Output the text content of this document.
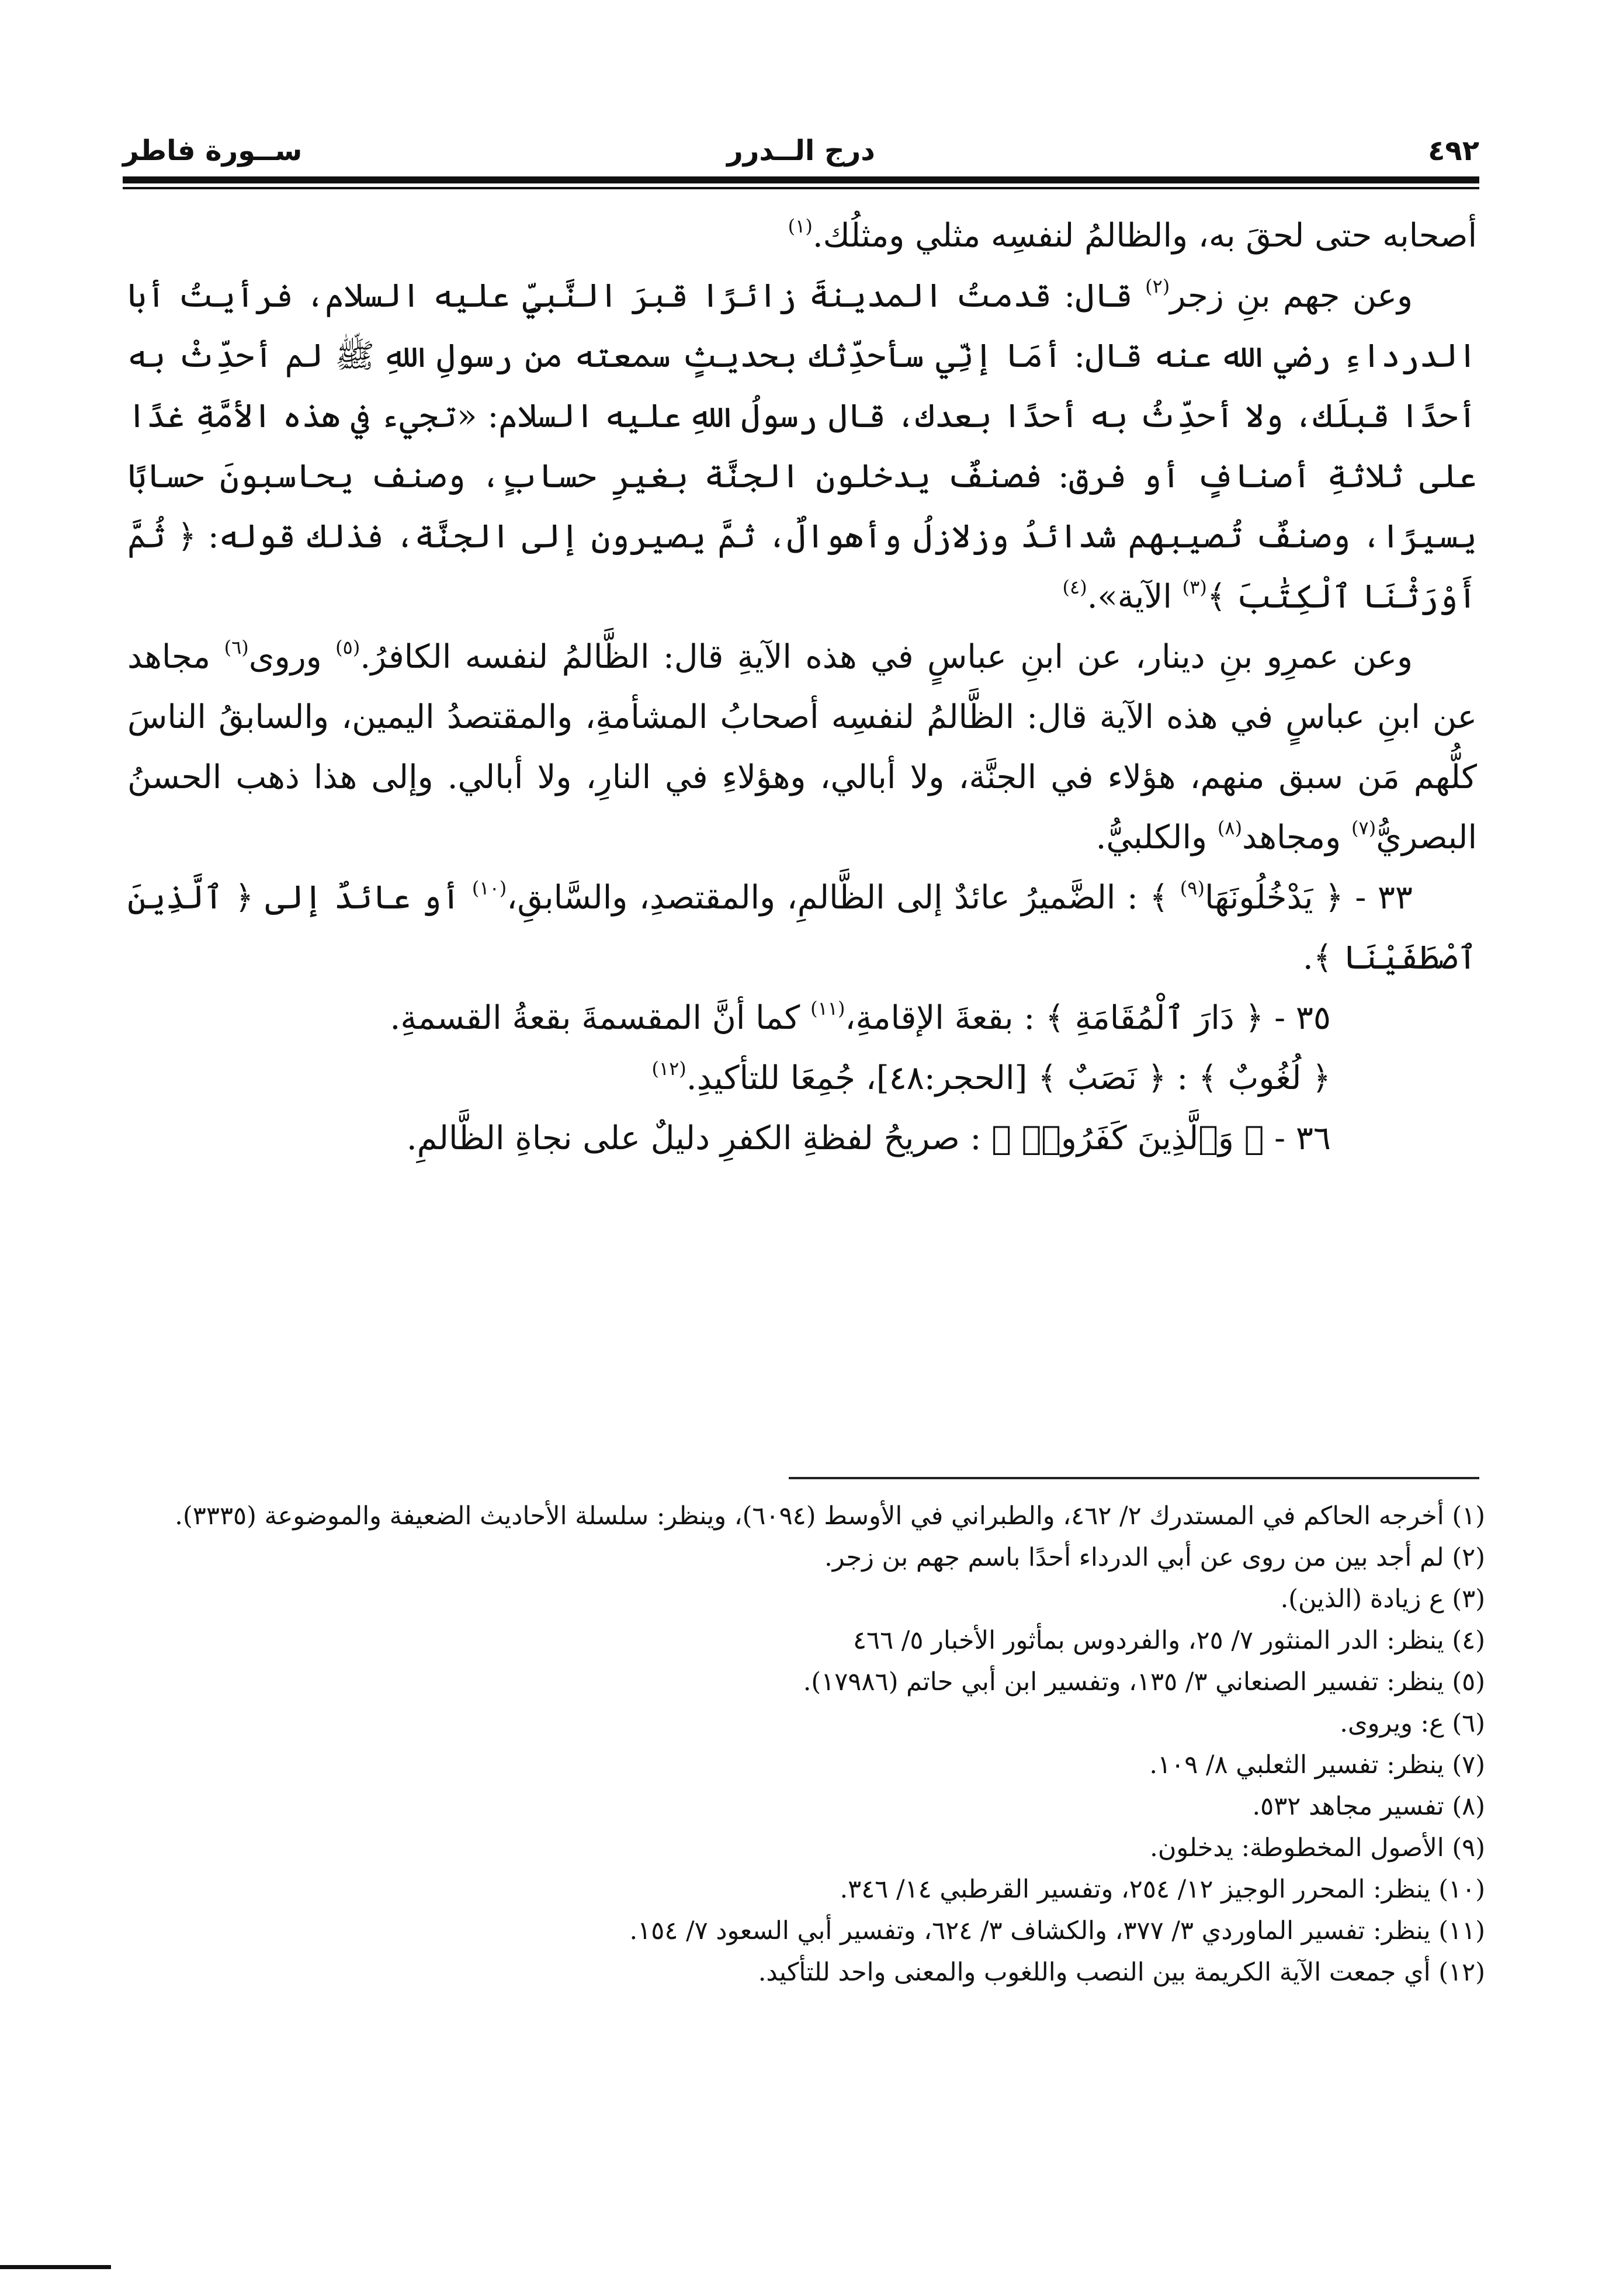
٤٩٢
درج الــدرر
ســورة فاطر

أصحابه حتى لحقَ به، والظالمُ لنفسِه مثلي ومثلُك.$^{(١)}$

وعن جهم بنِ زجر$^{(٢)}$ قال: قدمتُ المدينةَ زائرًا قبرَ النَّبيِّ عليه السلام، فرأيتُ أبا الدرداءِ رضي الله عنه قال: أمَا إنِّي سأحدِّثك بحديثٍ سمعته من رسولِ اللهِ ﷺ لم أحدِّثْ به أحدًا قبلَك، ولا أحدِّثُ به أحدًا بعدك، قال رسولُ اللهِ عليه السلام: «تجيء في هذه الأمَّةِ غدًا على ثلاثةِ أصنافٍ أو فرق: فصنفٌ يدخلون الجنَّة بغيرِ حسابٍ، وصنف يحاسبونَ حسابًا يسيرًا، وصنفٌ تُصيبهم شدائدُ وزلازلُ وأهوالٌ، ثمَّ يصيرون إلى الجنَّة، فذلك قوله: ﴿ ثُمَّ أَوْرَثْنَا ٱلْكِتَٰبَ ﴾$^{(٣)}$ الآية».$^{(٤)}$

وعن عمرِو بنِ دينار، عن ابنِ عباسٍ في هذه الآيةِ قال: الظَّالمُ لنفسه الكافرُ.$^{(٥)}$ وروى$^{(٦)}$ مجاهد عن ابنِ عباسٍ في هذه الآية قال: الظَّالمُ لنفسِه أصحابُ المشأمةِ، والمقتصدُ اليمين، والسابقُ الناسَ كلُّهم مَن سبق منهم، هؤلاء في الجنَّة، ولا أبالي، وهؤلاءِ في النارِ، ولا أبالي. وإلى هذا ذهب الحسنُ البصريُّ$^{(٧)}$ ومجاهد$^{(٨)}$ والكلبيُّ.

٣٣ - ﴿ يَدْخُلُونَهَا$^{(٩)}$ ﴾ : الضَّميرُ عائدٌ إلى الظَّالمِ، والمقتصدِ، والسَّابقِ،$^{(١٠)}$ أو عائدٌ إلى ﴿ ٱلَّذِينَ ٱصْطَفَيْنَا ﴾.

٣٥ - ﴿ دَارَ ٱلْمُقَامَةِ ﴾ : بقعةَ الإقامةِ،$^{(١١)}$ كما أنَّ المقسمةَ بقعةُ القسمةِ.

﴿ لُغُوبٌ ﴾ : ﴿ نَصَبٌ ﴾ [الحجر:٤٨]، جُمِعَا للتأكيدِ.$^{(١٢)}$

٣٦ - ﴿ وَٱلَّذِينَ كَفَرُوا۟ ﴾ : صريحُ لفظةِ الكفرِ دليلٌ على نجاةِ الظَّالمِ.

(١) أخرجه الحاكم في المستدرك ٢/ ٤٦٢، والطبراني في الأوسط (٦٠٩٤)، وينظر: سلسلة الأحاديث الضعيفة والموضوعة (٣٣٣٥).

(٢) لم أجد بين من روى عن أبي الدرداء أحدًا باسم جهم بن زجر.

(٣) ع زيادة (الذين).

(٤) ينظر: الدر المنثور ٧/ ٢٥، والفردوس بمأثور الأخبار ٥/ ٤٦٦

(٥) ينظر: تفسير الصنعاني ٣/ ١٣٥، وتفسير ابن أبي حاتم (١٧٩٨٦).

(٦) ع: ويروى.

(٧) ينظر: تفسير الثعلبي ٨/ ١٠٩.

(٨) تفسير مجاهد ٥٣٢.

(٩) الأصول المخطوطة: يدخلون.

(١٠) ينظر: المحرر الوجيز ١٢/ ٢٥٤، وتفسير القرطبي ١٤/ ٣٤٦.

(١١) ينظر: تفسير الماوردي ٣/ ٣٧٧، والكشاف ٣/ ٦٢٤، وتفسير أبي السعود ٧/ ١٥٤.

(١٢) أي جمعت الآية الكريمة بين النصب واللغوب والمعنى واحد للتأكيد.
